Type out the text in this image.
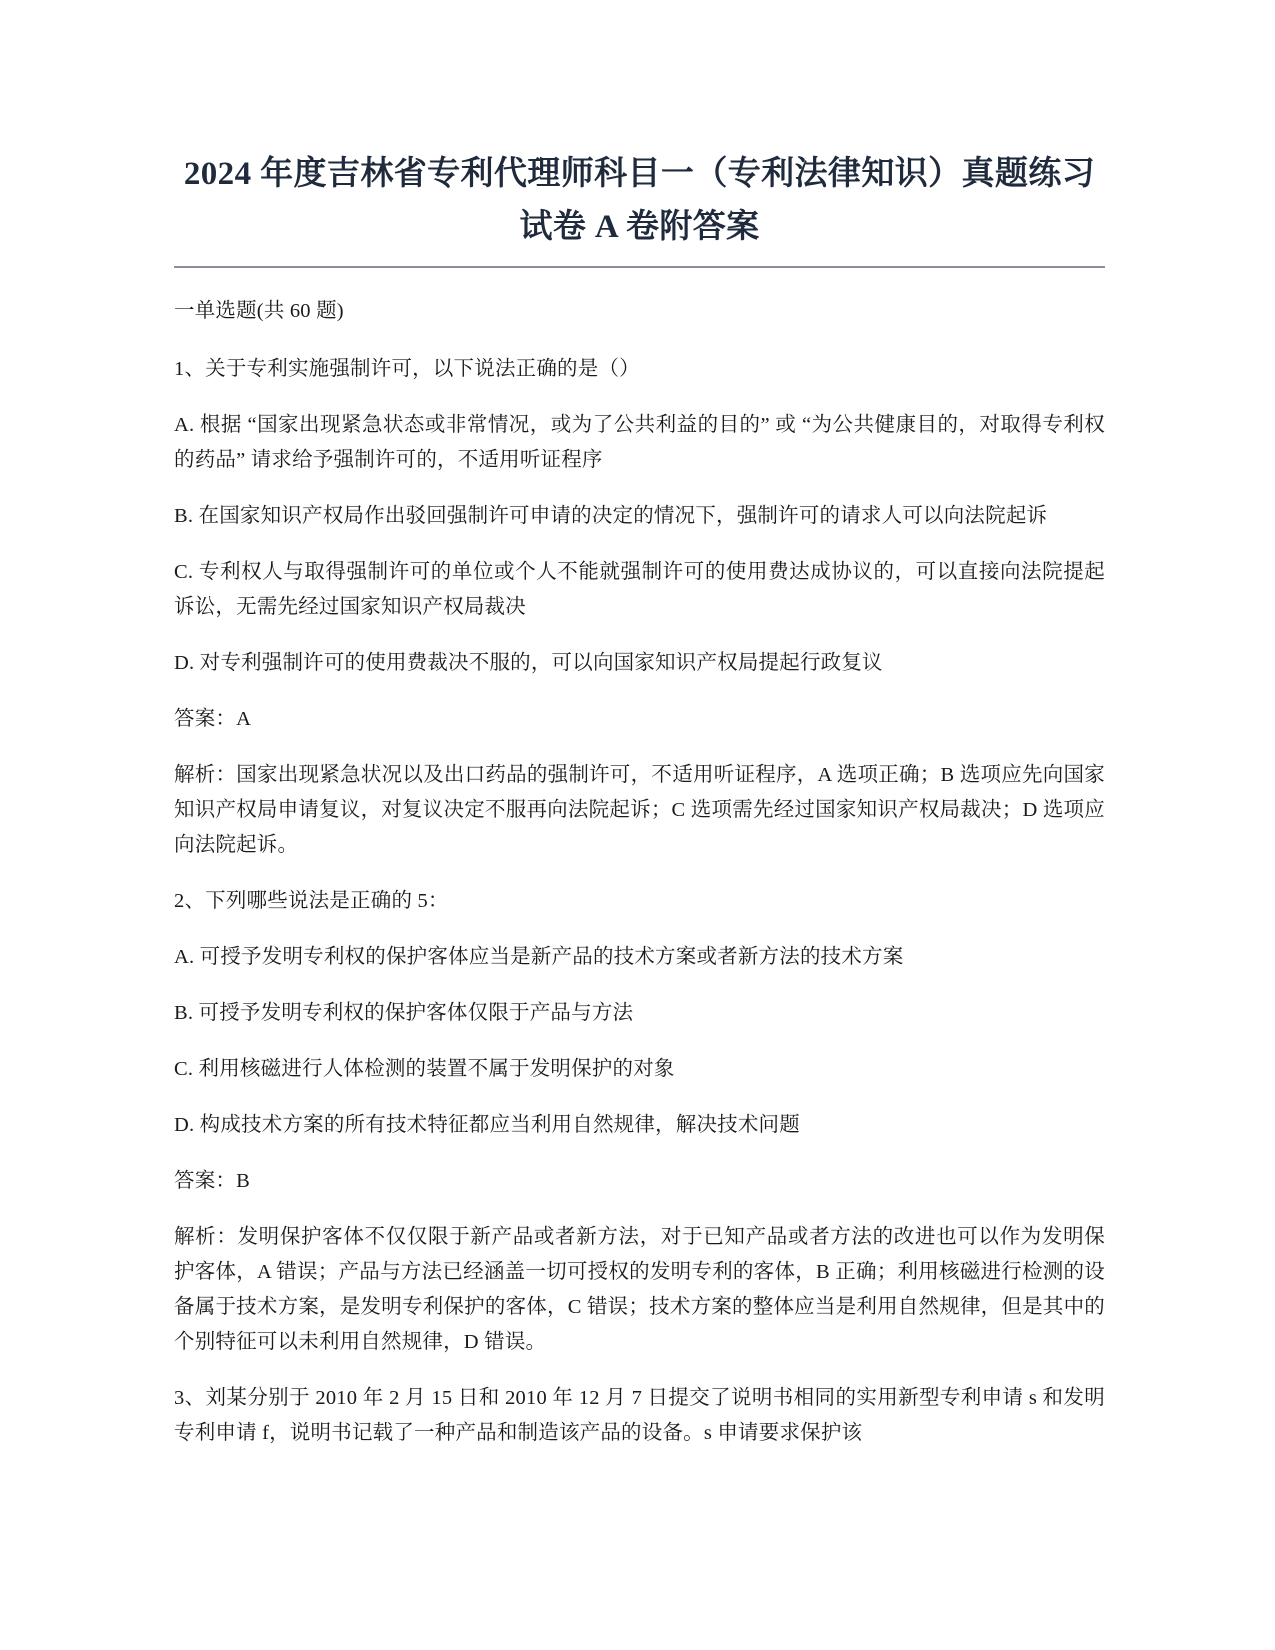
2024 年度吉林省专利代理师科目一（专利法律知识）真题练习试卷 A 卷附答案

一单选题(共 60 题)

1、关于专利实施强制许可，以下说法正确的是（）

A. 根据 “国家出现紧急状态或非常情况，或为了公共利益的目的” 或 “为公共健康目的，对取得专利权的药品” 请求给予强制许可的，不适用听证程序

B. 在国家知识产权局作出驳回强制许可申请的决定的情况下，强制许可的请求人可以向法院起诉

C. 专利权人与取得强制许可的单位或个人不能就强制许可的使用费达成协议的，可以直接向法院提起诉讼，无需先经过国家知识产权局裁决

D. 对专利强制许可的使用费裁决不服的，可以向国家知识产权局提起行政复议

答案：A

解析：国家出现紧急状况以及出口药品的强制许可，不适用听证程序，A 选项正确；B 选项应先向国家知识产权局申请复议，对复议决定不服再向法院起诉；C 选项需先经过国家知识产权局裁决；D 选项应向法院起诉。

2、下列哪些说法是正确的 5：

A. 可授予发明专利权的保护客体应当是新产品的技术方案或者新方法的技术方案

B. 可授予发明专利权的保护客体仅限于产品与方法

C. 利用核磁进行人体检测的装置不属于发明保护的对象

D. 构成技术方案的所有技术特征都应当利用自然规律，解决技术问题

答案：B

解析：发明保护客体不仅仅限于新产品或者新方法，对于已知产品或者方法的改进也可以作为发明保护客体，A 错误；产品与方法已经涵盖一切可授权的发明专利的客体，B 正确；利用核磁进行检测的设备属于技术方案，是发明专利保护的客体，C 错误；技术方案的整体应当是利用自然规律，但是其中的个别特征可以未利用自然规律，D 错误。

3、刘某分别于 2010 年 2 月 15 日和 2010 年 12 月 7 日提交了说明书相同的实用新型专利申请 s 和发明专利申请 f，说明书记载了一种产品和制造该产品的设备。s 申请要求保护该
